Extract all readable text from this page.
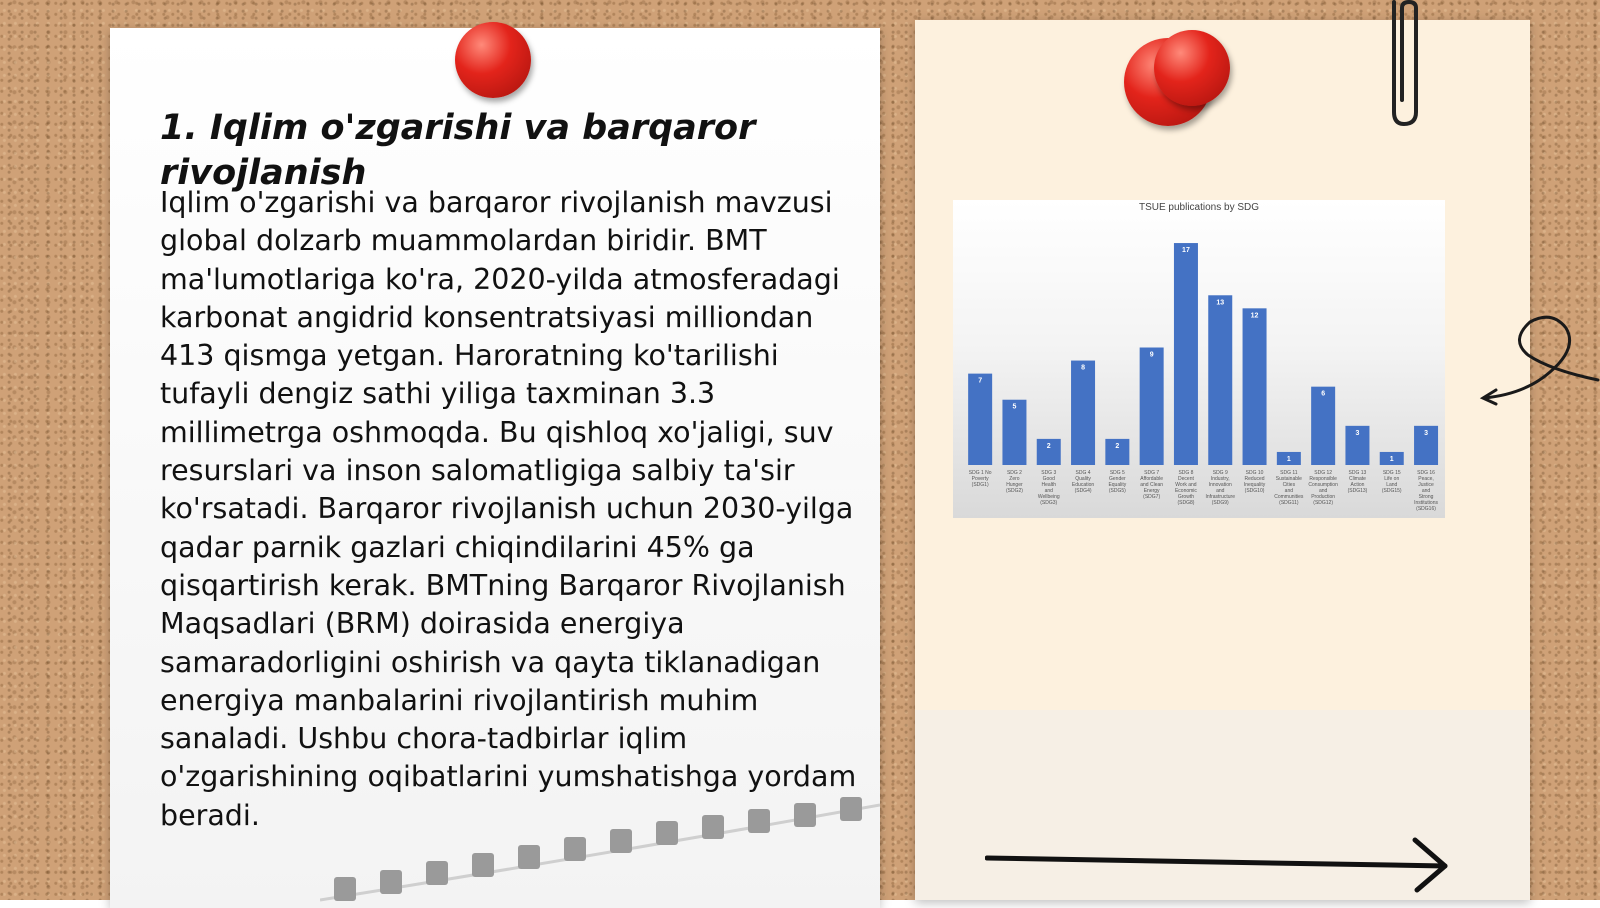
1. Iqlim o'zgarishi va barqaror rivojlanish

Iqlim o'zgarishi va barqaror rivojlanish mavzusi global dolzarb muammolardan biridir. BMT ma'lumotlariga ko'ra, 2020-yilda atmosferadagi karbonat angidrid konsentratsiyasi milliondan 413 qismga yetgan. Haroratning ko'tarilishi tufayli dengiz sathi yiliga taxminan 3.3 millimetrga oshmoqda. Bu qishloq xo'jaligi, suv resurslari va inson salomatligiga salbiy ta'sir ko'rsatadi. Barqaror rivojlanish uchun 2030-yilga qadar parnik gazlari chiqindilarini 45% ga qisqartirish kerak. BMTning Barqaror Rivojlanish Maqsadlari (BRM) doirasida energiya samaradorligini oshirish va qayta tiklanadigan energiya manbalarini rivojlantirish muhim sanaladi. Ushbu chora-tadbirlar iqlim o'zgarishining oqibatlarini yumshatishga yordam beradi.

TSUE publications by SDG
7
SDG 1 No Poverty (SDG1)
5
SDG 2 Zero Hunger (SDG2)
2
SDG 3 Good Health and Wellbeing (SDG3)
8
SDG 4 Quality Education (SDG4)
2
SDG 5 Gender Equality (SDG5)
9
SDG 7 Affordable and Clean Energy (SDG7)
17
SDG 8 Decent Work and Economic Growth (SDG8)
13
SDG 9 Industry, Innovation and Infrastructure (SDG9)
12
SDG 10 Reduced Inequality (SDG10)
1
SDG 11 Sustainable Cities and Communities (SDG11)
6
SDG 12 Responsible Consumption and Production (SDG12)
3
SDG 13 Climate Action (SDG13)
1
SDG 15 Life on Land (SDG15)
3
SDG 16 Peace, Justice and Strong Institutions (SDG16)
